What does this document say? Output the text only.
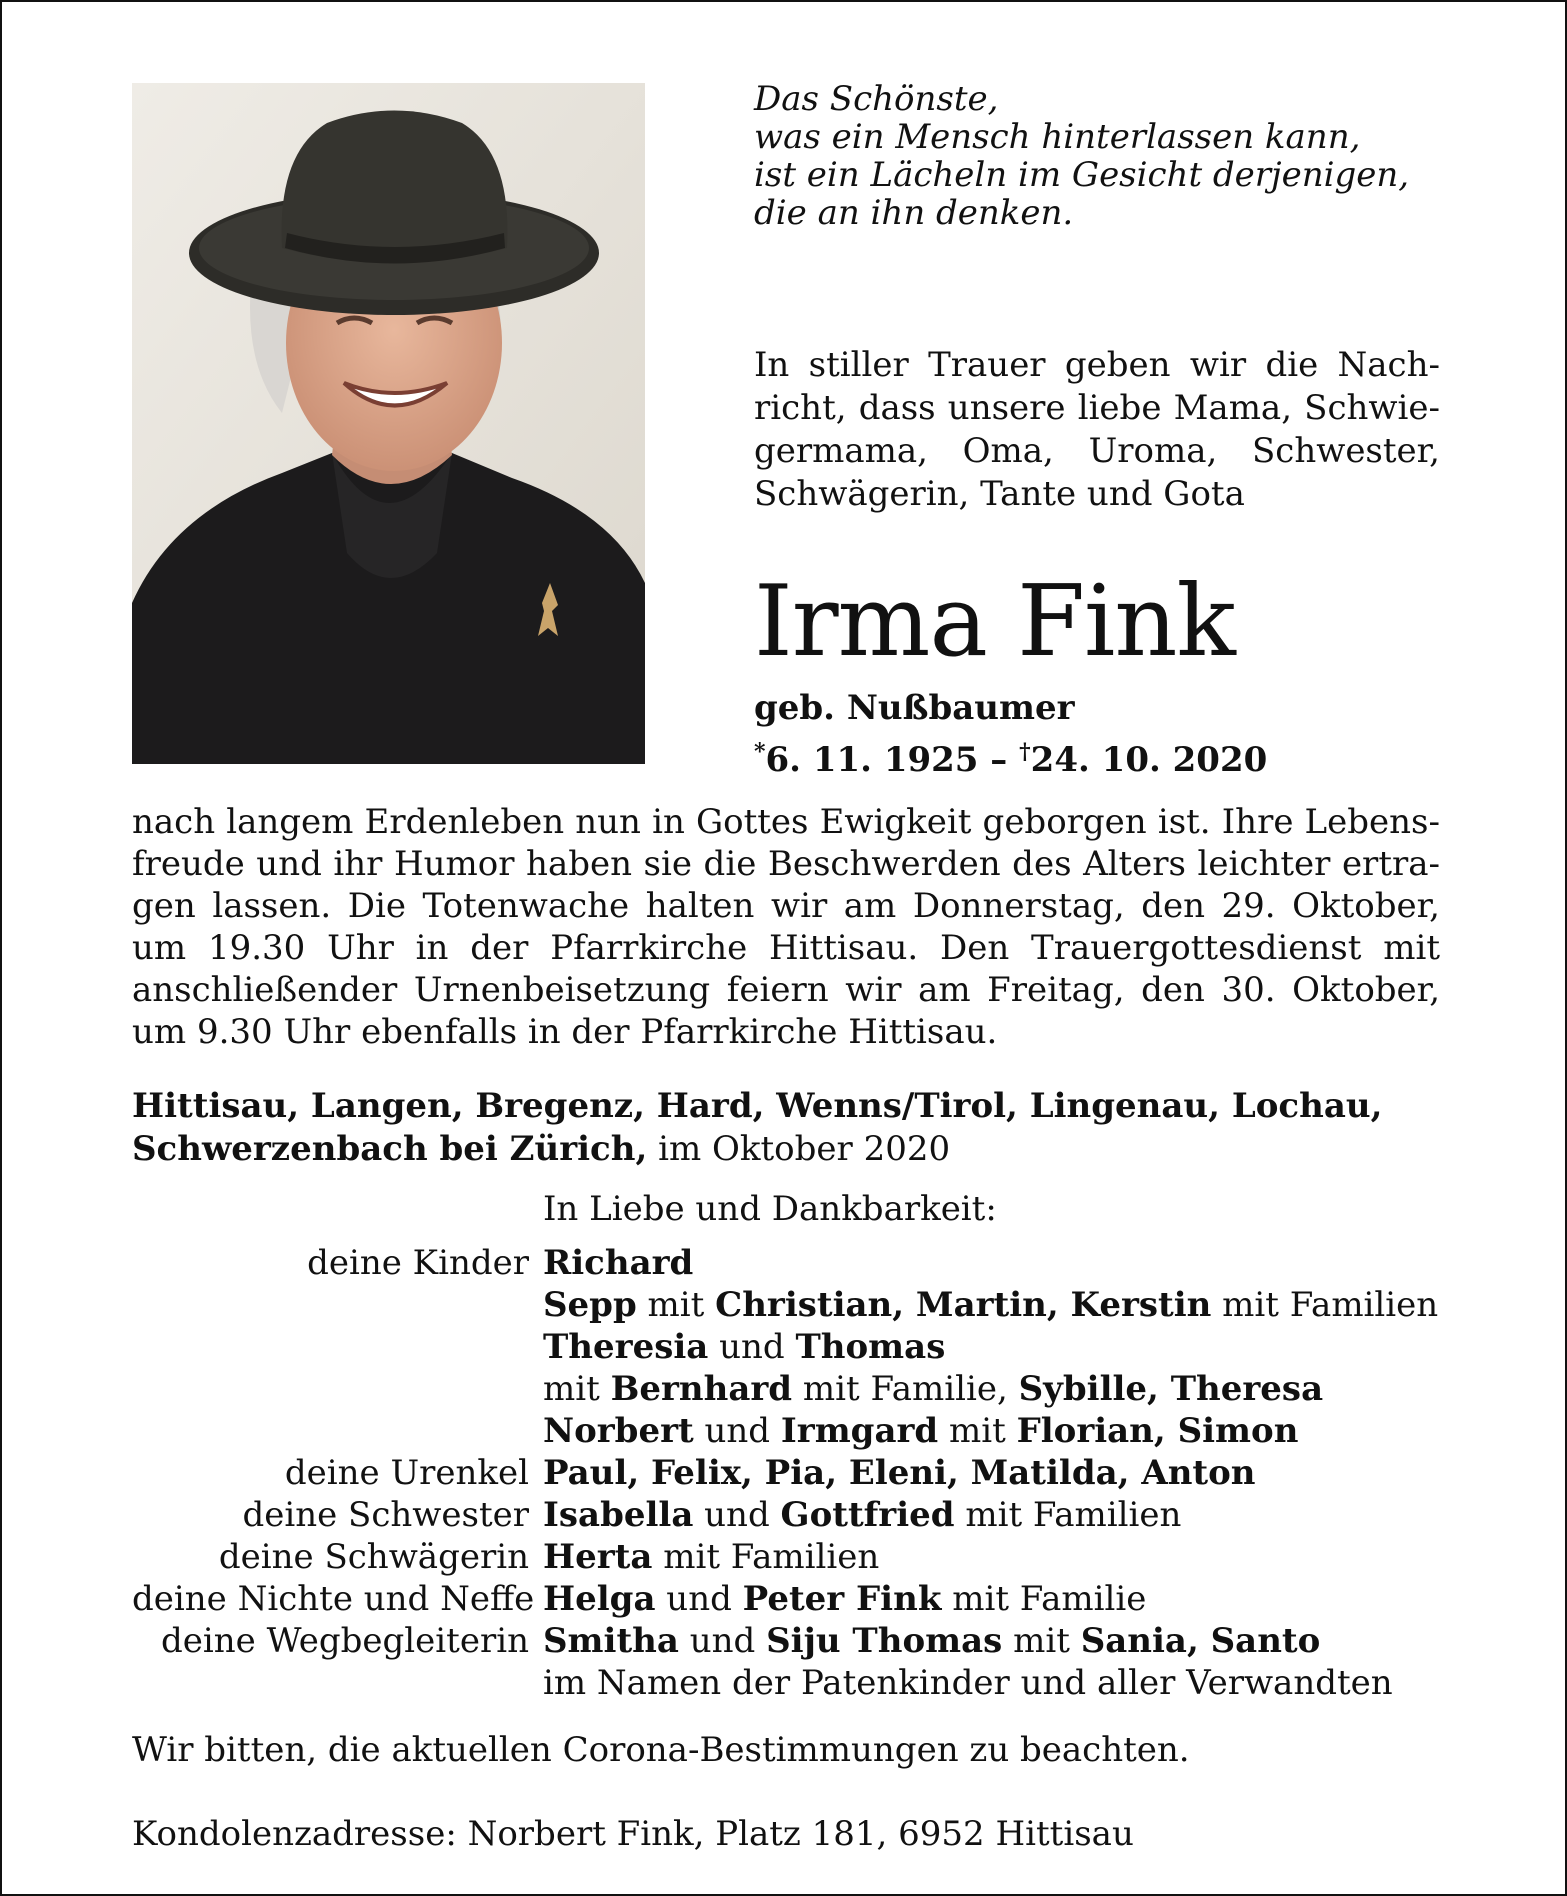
Das Schönste,
was ein Mensch hinterlassen kann,
ist ein Lächeln im Gesicht derjenigen,
die an ihn denken.

In stiller Trauer geben wir die Nachricht, dass unsere liebe Mama, Schwiegermama, Oma, Uroma, Schwester, Schwägerin, Tante und Gota

Irma Fink
geb. Nußbaumer
*6. 11. 1925 – †24. 10. 2020

nach langem Erdenleben nun in Gottes Ewigkeit geborgen ist. Ihre Lebensfreude und ihr Humor haben sie die Beschwerden des Alters leichter ertragen lassen. Die Totenwache halten wir am Donnerstag, den 29. Oktober, um 19.30 Uhr in der Pfarrkirche Hittisau. Den Trauergottesdienst mit anschließender Urnenbeisetzung feiern wir am Freitag, den 30. Oktober, um 9.30 Uhr ebenfalls in der Pfarrkirche Hittisau.

Hittisau, Langen, Bregenz, Hard, Wenns/Tirol, Lingenau, Lochau, Schwerzenbach bei Zürich, im Oktober 2020

In Liebe und Dankbarkeit:
deine Kinder Richard
Sepp mit Christian, Martin, Kerstin mit Familien
Theresia und Thomas
mit Bernhard mit Familie, Sybille, Theresa
Norbert und Irmgard mit Florian, Simon
deine Urenkel Paul, Felix, Pia, Eleni, Matilda, Anton
deine Schwester Isabella und Gottfried mit Familien
deine Schwägerin Herta mit Familien
deine Nichte und Neffe Helga und Peter Fink mit Familie
deine Wegbegleiterin Smitha und Siju Thomas mit Sania, Santo
im Namen der Patenkinder und aller Verwandten
Wir bitten, die aktuellen Corona-Bestimmungen zu beachten.
Kondolenzadresse: Norbert Fink, Platz 181, 6952 Hittisau
